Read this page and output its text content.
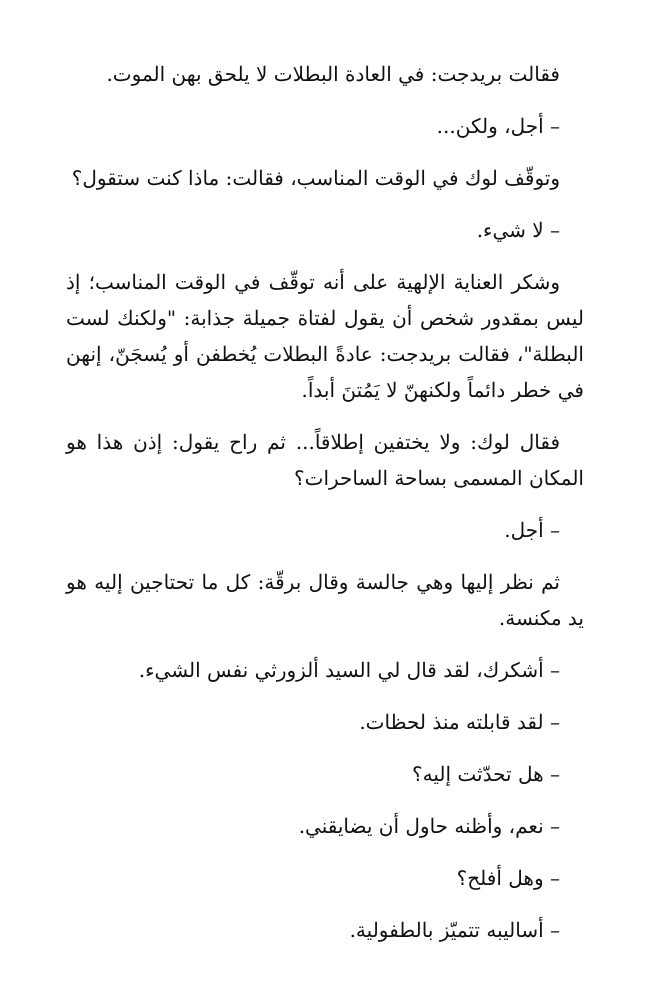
فقالت بريدجت: في العادة البطلات لا يلحق بهن الموت.

– أجل، ولكن...

وتوقّف لوك في الوقت المناسب، فقالت: ماذا كنت ستقول؟

– لا شيء.

وشكر العناية الإلهية على أنه توقّف في الوقت المناسب؛ إذ ليس بمقدور شخص أن يقول لفتاة جميلة جذابة: "ولكنك لست البطلة"، فقالت بريدجت: عادةً البطلات يُخطفن أو يُسجَنّ، إنهن في خطر دائماً ولكنهنّ لا يَمُتنَ أبداً.

فقال لوك: ولا يختفين إطلاقاً... ثم راح يقول: إذن هذا هو المكان المسمى بساحة الساحرات؟

– أجل.

ثم نظر إليها وهي جالسة وقال برقّة: كل ما تحتاجين إليه هو يد مكنسة.

– أشكرك، لقد قال لي السيد ألزورثي نفس الشيء.

– لقد قابلته منذ لحظات.

– هل تحدّثت إليه؟

– نعم، وأظنه حاول أن يضايقني.

– وهل أفلح؟

– أساليبه تتميّز بالطفولية.
